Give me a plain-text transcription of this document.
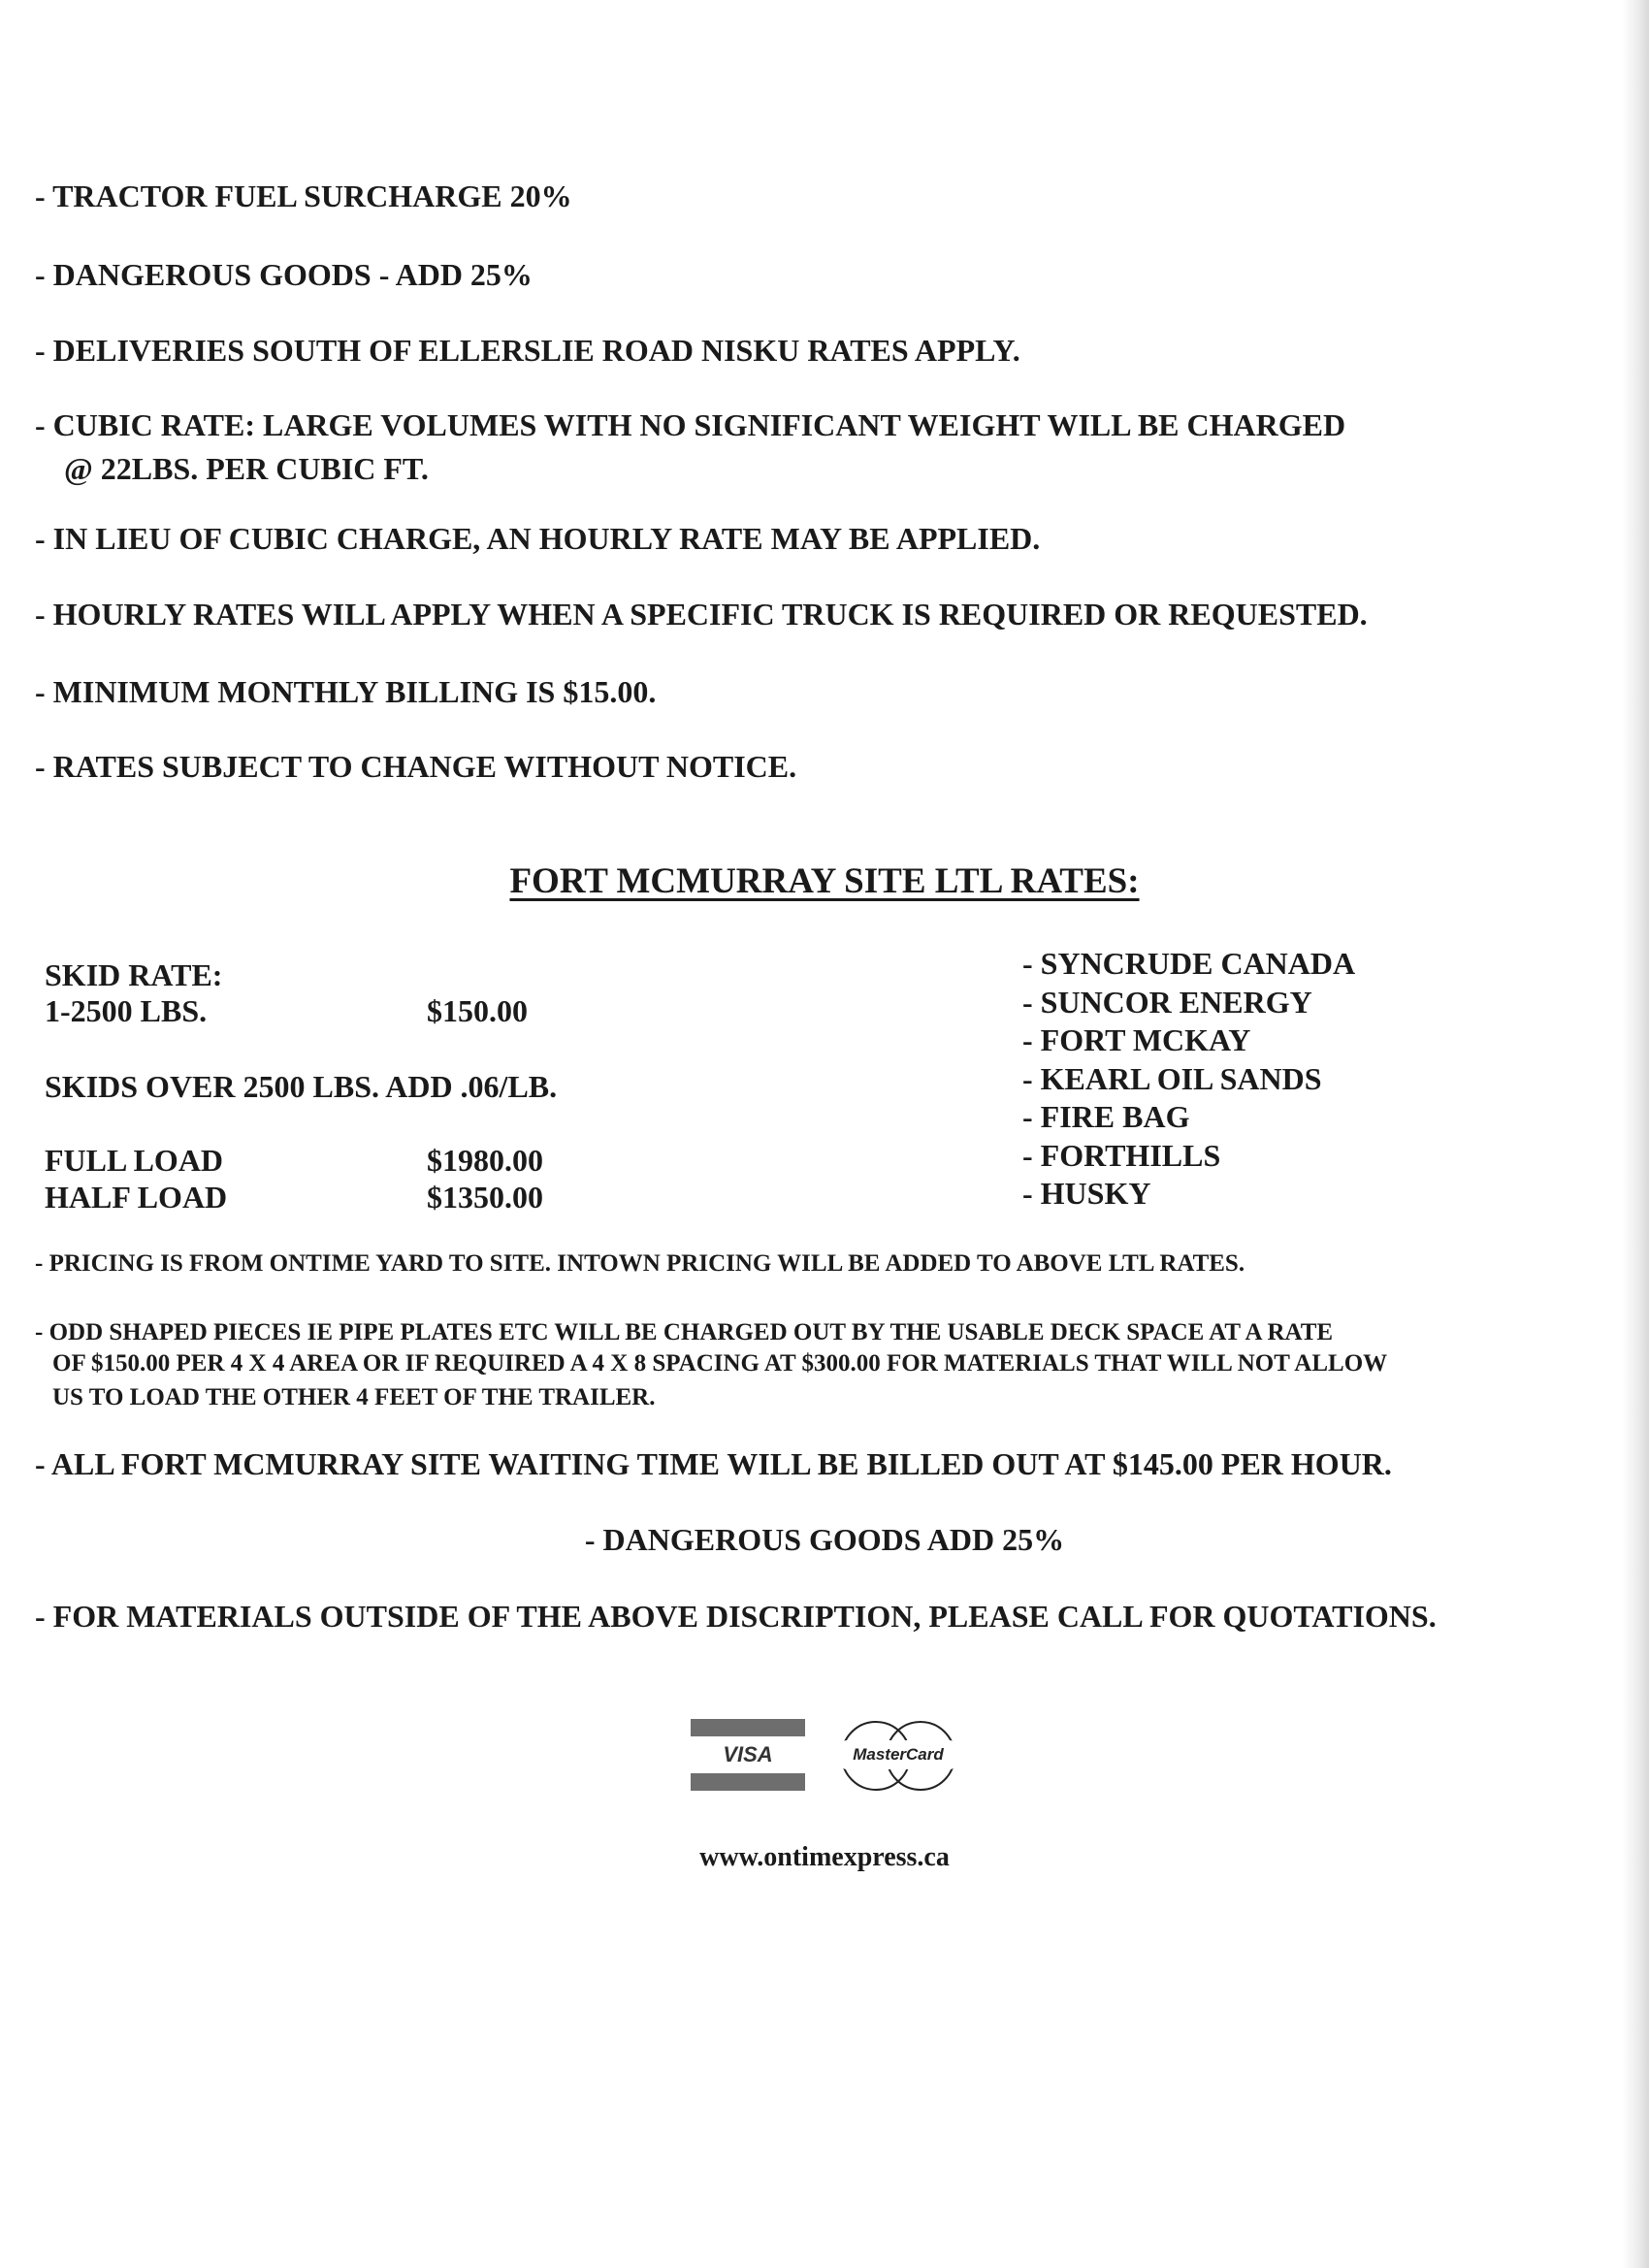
- TRACTOR FUEL SURCHARGE 20%
- DANGEROUS GOODS - ADD 25%
- DELIVERIES SOUTH OF ELLERSLIE ROAD NISKU RATES APPLY.
- CUBIC RATE: LARGE VOLUMES WITH NO SIGNIFICANT WEIGHT WILL BE CHARGED
@ 22LBS. PER CUBIC FT.
- IN LIEU OF CUBIC CHARGE, AN HOURLY RATE MAY BE APPLIED.
- HOURLY RATES WILL APPLY WHEN A SPECIFIC TRUCK IS REQUIRED OR REQUESTED.
- MINIMUM MONTHLY BILLING IS $15.00.
- RATES SUBJECT TO CHANGE WITHOUT NOTICE.
FORT MCMURRAY SITE LTL RATES:
SKID RATE:
1-2500 LBS.	$150.00
SKIDS OVER 2500 LBS. ADD .06/LB.
FULL LOAD	$1980.00
HALF LOAD	$1350.00
- SYNCRUDE CANADA
- SUNCOR ENERGY
- FORT MCKAY
- KEARL OIL SANDS
- FIRE BAG
- FORTHILLS
- HUSKY
- PRICING IS FROM ONTIME YARD TO SITE. INTOWN PRICING WILL BE ADDED TO ABOVE LTL RATES.
- ODD SHAPED PIECES IE PIPE PLATES ETC WILL BE CHARGED OUT BY THE USABLE DECK SPACE AT A RATE
OF $150.00 PER 4 X 4 AREA OR IF REQUIRED A 4 X 8 SPACING AT $300.00 FOR MATERIALS THAT WILL NOT ALLOW
US TO LOAD THE OTHER 4 FEET OF THE TRAILER.
- ALL FORT MCMURRAY SITE WAITING TIME WILL BE BILLED OUT AT $145.00 PER HOUR.
- DANGEROUS GOODS ADD 25%
- FOR MATERIALS OUTSIDE OF THE ABOVE DISCRIPTION, PLEASE CALL FOR QUOTATIONS.
VISA	MasterCard
www.ontimexpress.ca
